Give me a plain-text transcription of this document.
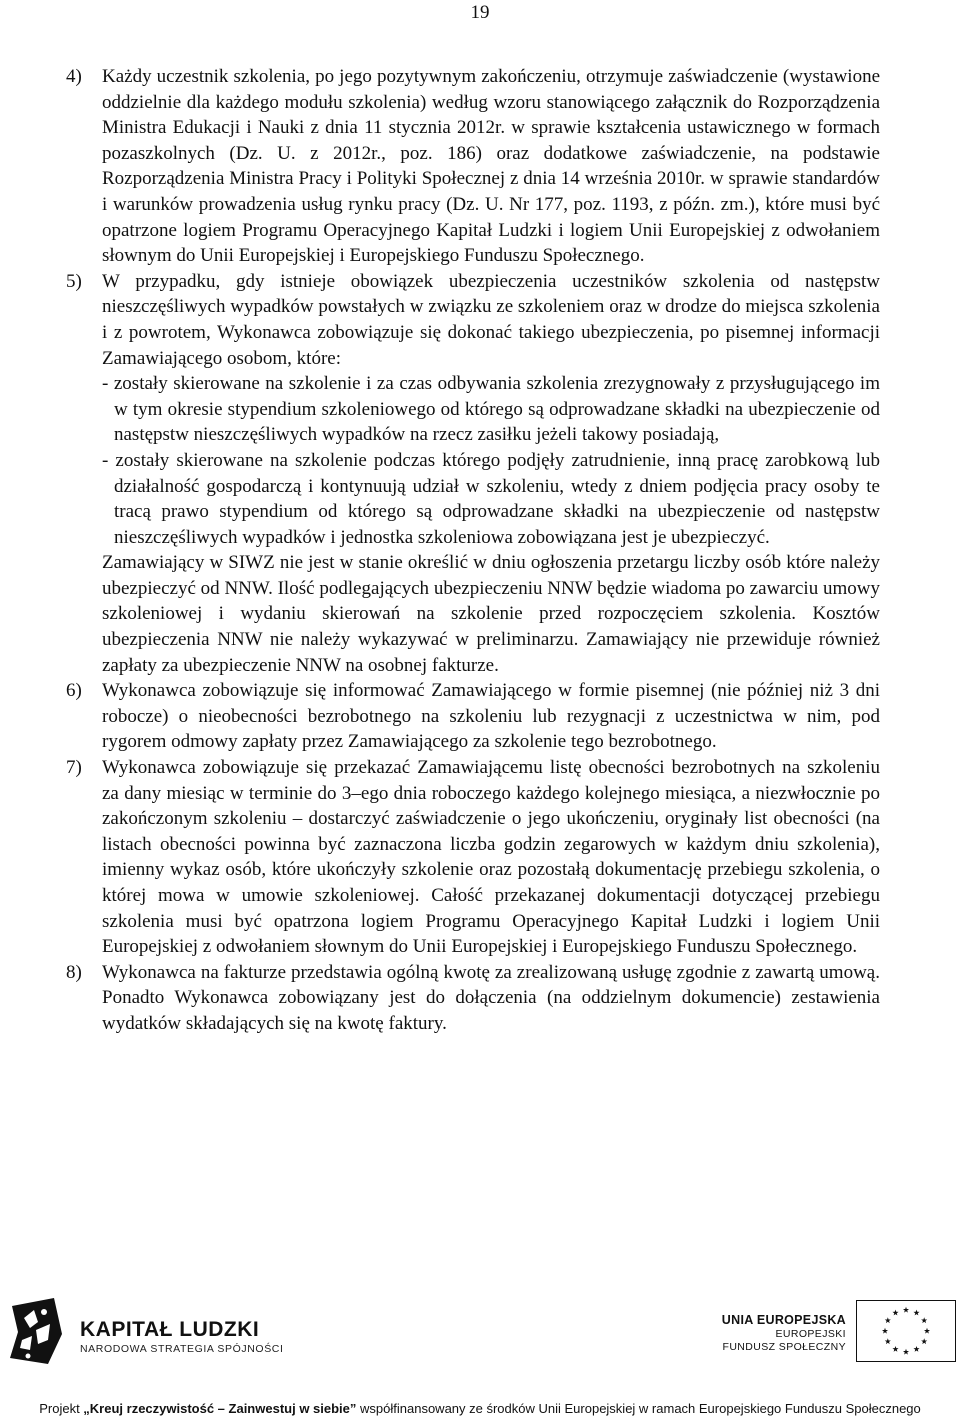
19
4) Każdy uczestnik szkolenia, po jego pozytywnym zakończeniu, otrzymuje zaświadczenie (wystawione oddzielnie dla każdego modułu szkolenia) według wzoru stanowiącego załącznik do Rozporządzenia Ministra Edukacji i Nauki z dnia 11 stycznia 2012r. w sprawie kształcenia ustawicznego w formach pozaszkolnych (Dz. U. z 2012r., poz. 186) oraz dodatkowe zaświadczenie, na podstawie Rozporządzenia Ministra Pracy i Polityki Społecznej z dnia 14 września 2010r. w sprawie standardów i warunków prowadzenia usług rynku pracy (Dz. U. Nr 177, poz. 1193, z późn. zm.), które musi być opatrzone logiem Programu Operacyjnego Kapitał Ludzki i logiem Unii Europejskiej z odwołaniem słownym do Unii Europejskiej i Europejskiego Funduszu Społecznego.

5) W przypadku, gdy istnieje obowiązek ubezpieczenia uczestników szkolenia od następstw nieszczęśliwych wypadków powstałych w związku ze szkoleniem oraz w drodze do miejsca szkolenia i z powrotem, Wykonawca zobowiązuje się dokonać takiego ubezpieczenia, po pisemnej informacji Zamawiającego osobom, które:

- zostały skierowane na szkolenie i za czas odbywania szkolenia zrezygnowały z przysługującego im w tym okresie stypendium szkoleniowego od którego są odprowadzane składki na ubezpieczenie od następstw nieszczęśliwych wypadków na rzecz zasiłku jeżeli takowy posiadają,

- zostały skierowane na szkolenie podczas którego podjęły zatrudnienie, inną pracę zarobkową lub działalność gospodarczą i kontynuują udział w szkoleniu, wtedy z dniem podjęcia pracy osoby te tracą prawo stypendium od którego są odprowadzane składki na ubezpieczenie od następstw nieszczęśliwych wypadków i jednostka szkoleniowa zobowiązana jest je ubezpieczyć.

Zamawiający w SIWZ nie jest w stanie określić w dniu ogłoszenia przetargu liczby osób które należy ubezpieczyć od NNW. Ilość podlegających ubezpieczeniu NNW będzie wiadoma po zawarciu umowy szkoleniowej i wydaniu skierowań na szkolenie przed rozpoczęciem szkolenia. Kosztów ubezpieczenia NNW nie należy wykazywać w preliminarzu. Zamawiający nie przewiduje również zapłaty za ubezpieczenie NNW na osobnej fakturze.

6) Wykonawca zobowiązuje się informować Zamawiającego w formie pisemnej (nie później niż 3 dni robocze) o nieobecności bezrobotnego na szkoleniu lub rezygnacji z uczestnictwa w nim, pod rygorem odmowy zapłaty przez Zamawiającego za szkolenie tego bezrobotnego.

7) Wykonawca zobowiązuje się przekazać Zamawiającemu listę obecności bezrobotnych na szkoleniu za dany miesiąc w terminie do 3–ego dnia roboczego każdego kolejnego miesiąca, a niezwłocznie po zakończonym szkoleniu – dostarczyć zaświadczenie o jego ukończeniu, oryginały list obecności (na listach obecności powinna być zaznaczona liczba godzin zegarowych w każdym dniu szkolenia), imienny wykaz osób, które ukończyły szkolenie oraz pozostałą dokumentację przebiegu szkolenia, o której mowa w umowie szkoleniowej. Całość przekazanej dokumentacji dotyczącej przebiegu szkolenia musi być opatrzona logiem Programu Operacyjnego Kapitał Ludzki i logiem Unii Europejskiej z odwołaniem słownym do Unii Europejskiej i Europejskiego Funduszu Społecznego.

8) Wykonawca na fakturze przedstawia ogólną kwotę za zrealizowaną usługę zgodnie z zawartą umową. Ponadto Wykonawca zobowiązany jest do dołączenia (na oddzielnym dokumencie) zestawienia wydatków składających się na kwotę faktury.

KAPITAŁ LUDZKI
NARODOWA STRATEGIA SPÓJNOŚCI
UNIA EUROPEJSKA
EUROPEJSKI
FUNDUSZ SPOŁECZNY
Projekt „Kreuj rzeczywistość – Zainwestuj w siebie” współfinansowany ze środków Unii Europejskiej w ramach Europejskiego Funduszu Społecznego
